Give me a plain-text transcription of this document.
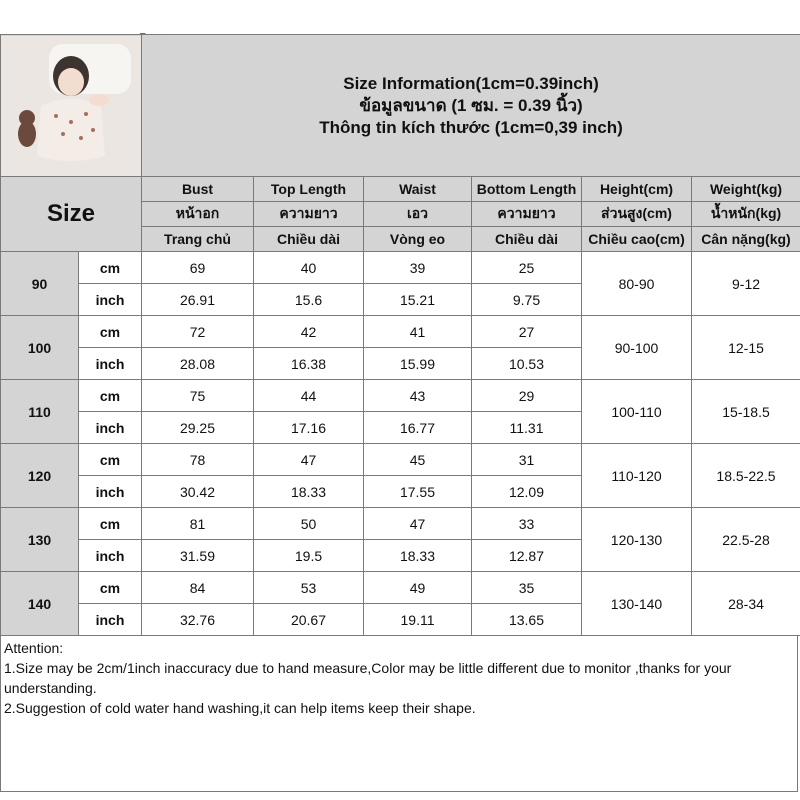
Size Information(1cm=0.39inch)
ข้อมูลขนาด (1 ซม. = 0.39 นิ้ว)
Thông tin kích thước (1cm=0,39 inch)					

Size		Bust	Top Length	Waist	Bottom Length	Height(cm)	Weight(kg)
		หน้าอก	ความยาว	เอว	ความยาว	ส่วนสูง(cm)	น้ำหนัก(kg)
		Trang chủ	Chiều dài	Vòng eo	Chiều dài	Chiều cao(cm)	Cân nặng(kg)
90	cm	69	40	39	25	80-90	9-12
	inch	26.91	15.6	15.21	9.75		
100	cm	72	42	41	27	90-100	12-15
	inch	28.08	16.38	15.99	10.53		
110	cm	75	44	43	29	100-110	15-18.5
	inch	29.25	17.16	16.77	11.31		
120	cm	78	47	45	31	110-120	18.5-22.5
	inch	30.42	18.33	17.55	12.09		
130	cm	81	50	47	33	120-130	22.5-28
	inch	31.59	19.5	18.33	12.87		
140	cm	84	53	49	35	130-140	28-34
	inch	32.76	20.67	19.11	13.65		

Attention:

1.Size may be 2cm/1inch inaccuracy due to hand measure,Color may be little different due to monitor ,thanks for your understanding.

2.Suggestion of cold water hand washing,it can help items keep their shape.
